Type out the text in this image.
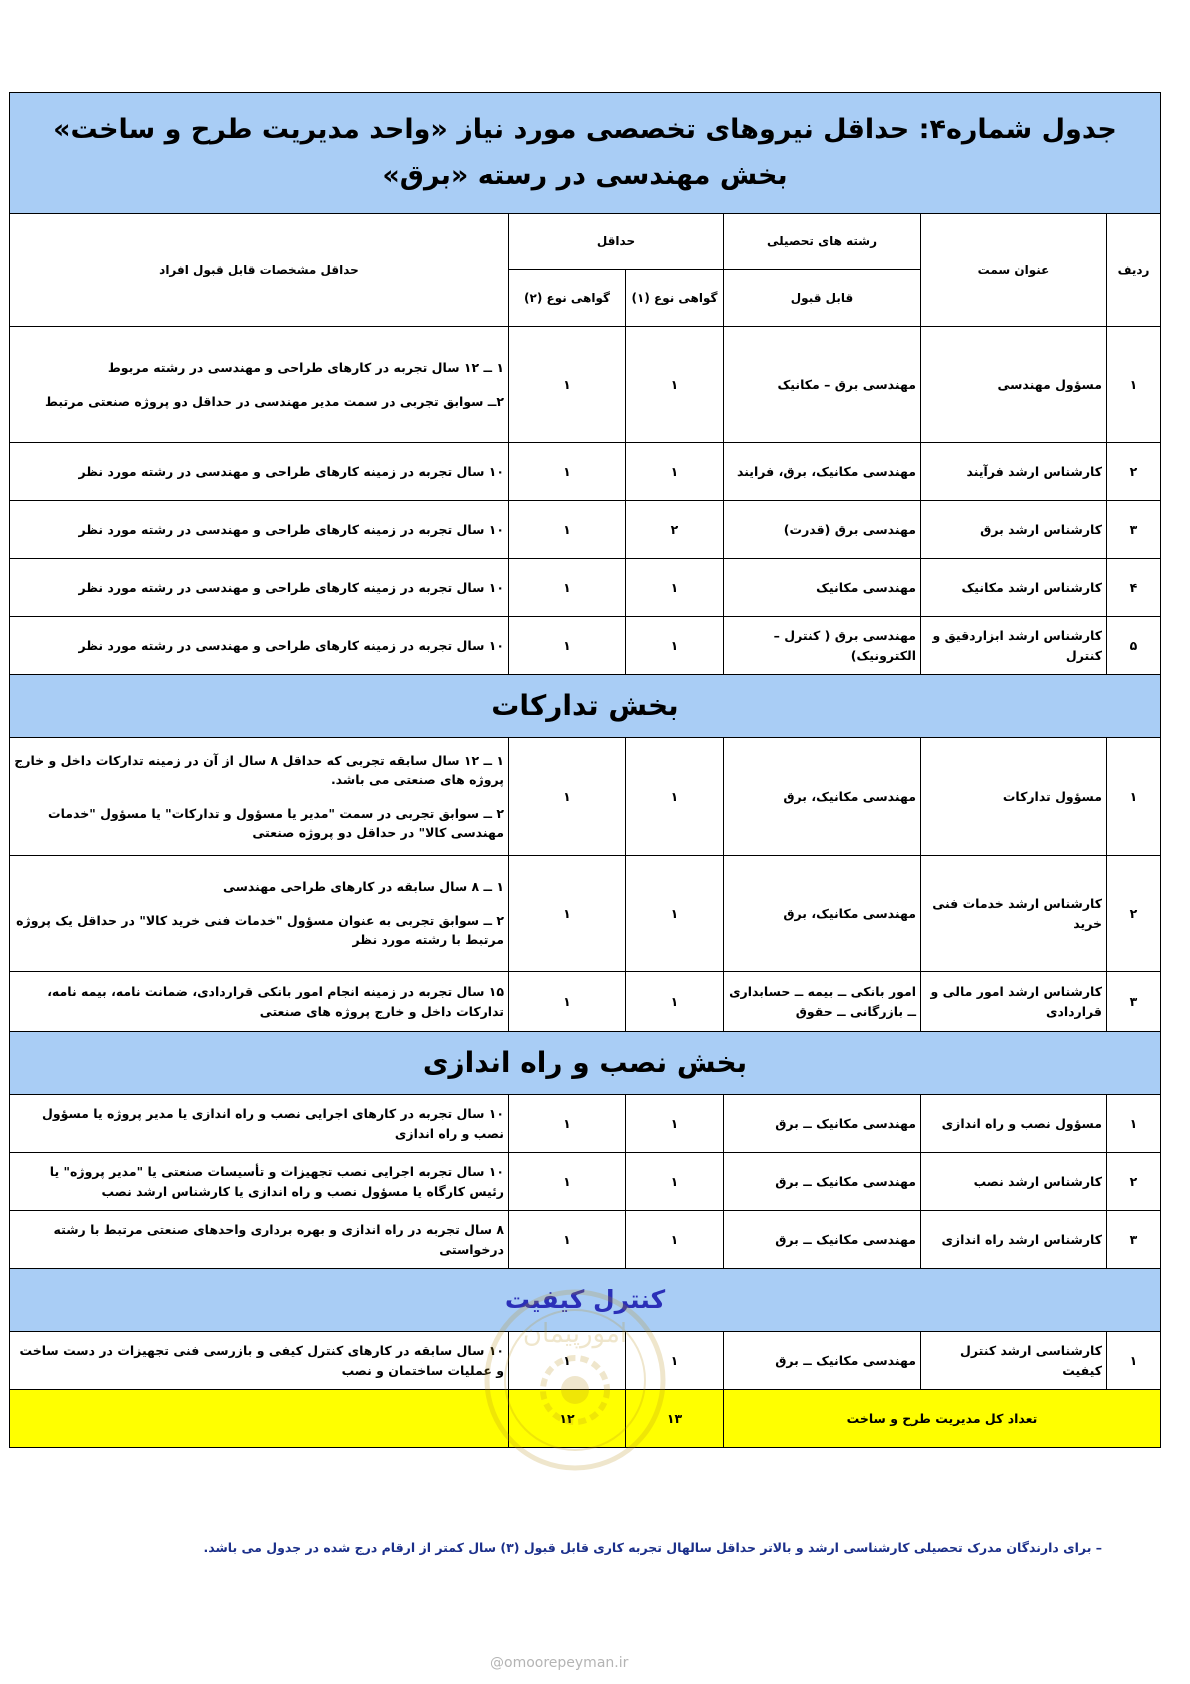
جدول شماره۴: حداقل نیروهای تخصصی مورد نیاز «واحد مدیریت طرح و ساخت» بخش مهندسی در رسته «برق»					
ردیف	عنوان سمت	رشته های تحصیلی	حداقل		حداقل مشخصات قابل قبول افراد
		قابل قبول	گواهی نوع (۱)	گواهی نوع (۲)	
۱	مسؤول مهندسی	مهندسی برق – مکانیک	۱	۱	۱ ــ ۱۲ سال تجربه در کارهای طراحی و مهندسی در رشته مربوط
۲ــ سوابق تجربی در سمت مدیر مهندسی در حداقل دو پروژه صنعتی مرتبط

۲	کارشناس ارشد فرآیند	مهندسی مکانیک، برق، فرایند	۱	۱	۱۰ سال تجربه در زمینه کارهای طراحی و مهندسی در رشته مورد نظر

۳	کارشناس ارشد برق	مهندسی برق (قدرت)	۲	۱	۱۰ سال تجربه در زمینه کارهای طراحی و مهندسی در رشته مورد نظر

۴	کارشناس ارشد مکانیک	مهندسی مکانیک	۱	۱	۱۰ سال تجربه در زمینه کارهای طراحی و مهندسی در رشته مورد نظر

۵	کارشناس ارشد ابزاردقیق و کنترل	مهندسی برق ( کنترل –الکترونیک)	۱	۱	۱۰ سال تجربه در زمینه کارهای طراحی و مهندسی در رشته مورد نظر

بخش تدارکات					
۱	مسؤول تدارکات	مهندسی مکانیک، برق	۱	۱	۱ ــ ۱۲ سال سابقه تجربی که حداقل ۸ سال از آن در زمینه تدارکات داخل و خارج پروژه های صنعتی می باشد.
۲ ــ سوابق تجربی در سمت "مدیر یا مسؤول و تدارکات" یا مسؤول "خدمات مهندسی کالا" در حداقل دو پروژه صنعتی

۲	کارشناس ارشد خدمات فنی خرید	مهندسی مکانیک، برق	۱	۱	۱ ــ ۸ سال سابقه در کارهای طراحی مهندسی
۲ ــ سوابق تجربی به عنوان مسؤول "خدمات فنی خرید کالا" در حداقل یک پروژه مرتبط با رشته مورد نظر

۳	کارشناس ارشد امور مالی و قراردادی	امور بانکی ــ بیمه ــ حسابداری ــ بازرگانی ــ حقوق	۱	۱	۱۵ سال تجربه در زمینه انجام امور بانکی قراردادی، ضمانت نامه، بیمه نامه، تدارکات داخل و خارج پروژه های صنعتی

بخش نصب و راه اندازی					
۱	مسؤول نصب و راه اندازی	مهندسی مکانیک ــ برق	۱	۱	۱۰ سال تجربه در کارهای اجرایی نصب و راه اندازی یا مدیر پروژه یا مسؤول نصب و راه اندازی

۲	کارشناس ارشد نصب	مهندسی مکانیک ــ برق	۱	۱	۱۰ سال تجربه اجرایی نصب تجهیزات و تأسیسات صنعتی یا "مدیر پروژه" یا رئیس کارگاه یا مسؤول نصب و راه اندازی یا کارشناس ارشد نصب

۳	کارشناس ارشد راه اندازی	مهندسی مکانیک ــ برق	۱	۱	۸ سال تجربه در راه اندازی و بهره برداری واحدهای صنعتی مرتبط با رشته درخواستی

کنترل کیفیت					
۱	کارشناسی ارشد کنترل کیفیت	مهندسی مکانیک ــ برق	۱	۱	۱۰ سال سابقه در کارهای کنترل کیفی و بازرسی فنی تجهیزات در دست ساخت و عملیات ساختمان و نصب

تعداد کل مدیریت طرح و ساخت			۱۳	۱۲	
امورپیمان
– برای دارندگان مدرک تحصیلی کارشناسی ارشد و بالاتر حداقل سالهال تجربه کاری قابل قبول (۳) سال کمتر از ارقام درج شده در جدول می باشد.
@omoorepeyman.ir
